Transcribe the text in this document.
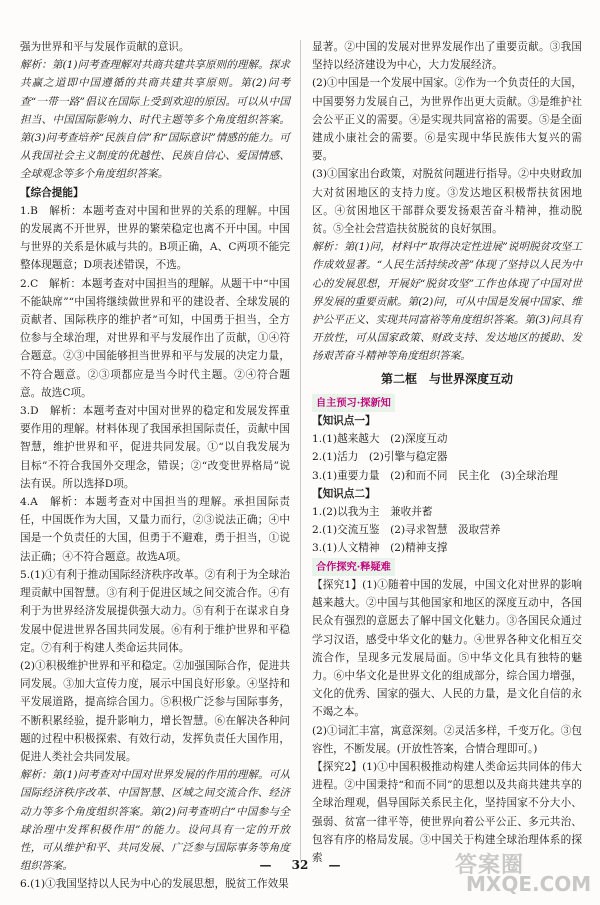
强为世界和平与发展作贡献的意识。

解析：第(1)问考查理解对共商共建共享原则的理解。探求共赢之道即中国遵循的共商共建共享原则。第(2)问考查“一带一路”倡议在国际上受到欢迎的原因。可以从中国担当、中国国际影响力、时代主题等多个角度组织答案。第(3)问考查培养“民族自信”和“国际意识”情感的能力。可从我国社会主义制度的优越性、民族自信心、爱国情感、全球观念等多个角度组织答案。

【综合提能】

1.B　解析：本题考查对中国和世界的关系的理解。中国的发展离不开世界，世界的繁荣稳定也离不开中国。中国与世界的关系是休戚与共的。B项正确，A、C两项不能完整体现题意；D项表述错误，不选。

2.C　解析：本题考查对中国担当的理解。从题干中“中国不能缺席”“中国将继续做世界和平的建设者、全球发展的贡献者、国际秩序的维护者”可知，中国勇于担当，全方位参与全球治理，对世界和平与发展作出了贡献，①④符合题意。②③中国能够担当世界和平与发展的决定力量，不符合题意。②③项都应是当今时代主题。②④符合题意。故选C项。

3.D　解析：本题考查对中国对世界的稳定和发展发挥重要作用的理解。材料体现了我国承担国际责任，贡献中国智慧，维护世界和平，促进共同发展。①“以自我发展为目标”不符合我国外交理念，错误；②“改变世界格局”说法有误。所以选择D项。

4.A　解析：本题考查对中国担当的理解。承担国际责任，中国既作为大国，又量力而行，②③说法正确；④中国是一个负责任的大国，但勇于不避难，勇于担当，①说法正确；④不符合题意。故选A项。

5.(1)①有利于推动国际经济秩序改革。②有利于为全球治理贡献中国智慧。③有利于促进区域之间交流合作。④有利于为世界经济发展提供强大动力。⑤有利于在谋求自身发展中促进世界各国共同发展。⑥有利于维护世界和平稳定。⑦有利于构建人类命运共同体。

(2)①积极维护世界和平和稳定。②加强国际合作，促进共同发展。③加大宣传力度，展示中国良好形象。④坚持和平发展道路，提高综合国力。⑤积极广泛参与国际事务，不断积累经验，提升影响力，增长智慧。⑥在解决各种问题的过程中积极探索、有效行动，发挥负责任大国作用，促进人类社会共同发展。

解析：第(1)问考查对中国对世界发展的作用的理解。可从国际经济秩序改革、中国智慧、区域之间交流合作、经济动力等多个角度组织答案。第(2)问考查明白“中国参与全球治理中发挥积极作用”的能力。设问具有一定的开放性，可从维护和平、共同发展、广泛参与国际事务等角度组织答案。

6.(1)①我国坚持以人民为中心的发展思想，脱贫工作效果

显著。②中国的发展对世界发展作出了重要贡献。③我国坚持以经济建设为中心，大力发展经济。

(2)①中国是一个发展中国家。②作为一个负责任的大国，中国要努力发展自己，为世界作出更大贡献。③是维护社会公平正义的需要。④是实现共同富裕的需要。⑤是全面建成小康社会的需要。⑥是实现中华民族伟大复兴的需要。

(3)①国家出台政策，对脱贫问题进行指导。②中央财政加大对贫困地区的支持力度。③发达地区积极帮扶贫困地区。④贫困地区干部群众要发扬艰苦奋斗精神，推动脱贫。⑤全社会营造扶贫脱贫的良好氛围。

解析：第(1)问，材料中“取得决定性进展”说明脱贫攻坚工作成效显著。“人民生活持续改善”体现了坚持以人民为中心的发展思想，开展好“脱贫攻坚”工作也体现了中国对世界发展的重要贡献。第(2)问，可从中国是发展中国家、维护公平正义、实现共同富裕等角度组织答案。第(3)问具有开放性，可从国家政策、财政支持、发达地区的援助、发扬艰苦奋斗精神等角度组织答案。

第二框　与世界深度互动

自主预习·探新知

【知识点一】

1.(1)越来越大　(2)深度互动

2.(1)活力　(2)引擎与稳定器

3.(1)重要力量　(2)和而不同　民主化　(3)全球治理

【知识点二】

1.(2)以我为主　兼收并蓄

2.(1)交流互鉴　(2)寻求智慧　汲取营养

3.(1)人文精神　(2)精神支撑

合作探究·释疑难

【探究1】(1)①随着中国的发展，中国文化对世界的影响越来越大。②中国与其他国家和地区的深度互动中，各国民众有强烈的意愿去了解中国文化魅力。③各国民众通过学习汉语，感受中华文化的魅力。④世界各种文化相互交流合作，呈现多元发展局面。⑤中华文化具有独特的魅力。⑥中华文化是世界文化的组成部分，综合国力增强，文化的优秀、国家的强大、人民的力量，是文化自信的永不竭之本。

(2)①词汇丰富，寓意深刻。②灵活多样，千变万化。③包容性，不断发展。(开放性答案，合情合理即可。)

【探究2】(1)①中国积极推动构建人类命运共同体的伟大进程。②中国秉持“和而不同”的思想以及共商共建共享的全球治理观，倡导国际关系民主化，坚持国家不分大小、强弱、贫富一律平等，使世界向着公平公正、多元共治、包容有序的格局发展。③中国关于构建全球治理体系的探索

— 32 —	答案圈
MXQE.COM
